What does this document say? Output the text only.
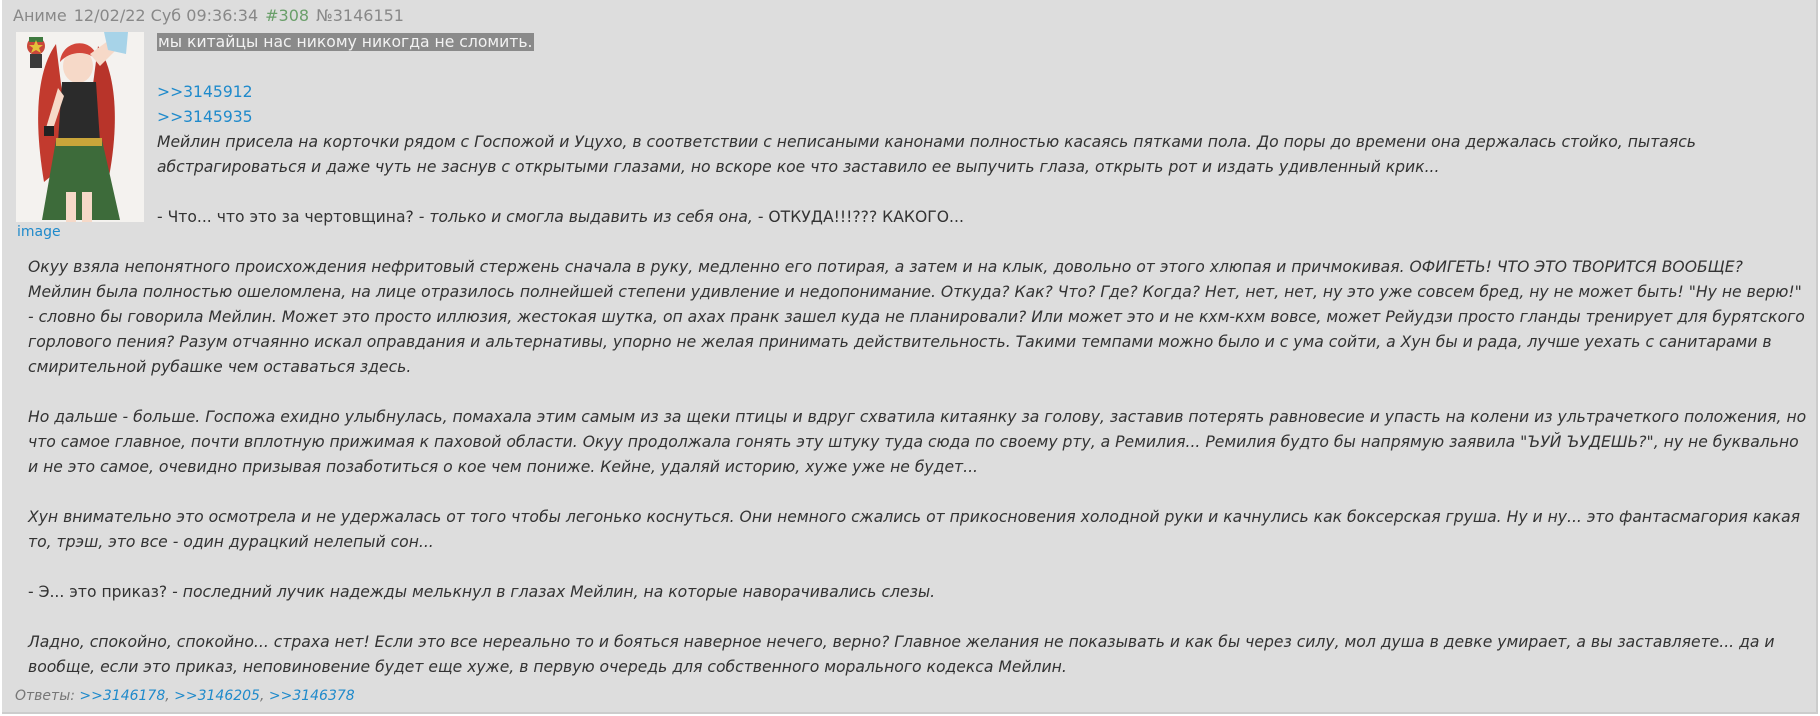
Аниме 12/02/22 Суб 09:36:34 #308 №3146151
image

мы китайцы нас никому никогда не сломить.

>>3145912

>>3145935

Мейлин присела на корточки рядом с Госпожой и Уцухо, в соответствии с неписаными канонами полностью касаясь пятками пола. До поры до времени она держалась стойко, пытаясь абстрагироваться и даже чуть не заснув с открытыми глазами, но вскоре кое что заставило ее выпучить глаза, открыть рот и издать удивленный крик...

- Что... что это за чертовщина? - только и смогла выдавить из себя она, - ОТКУДА!!!??? КАКОГО...

Окуу взяла непонятного происхождения нефритовый стержень сначала в руку, медленно его потирая, а затем и на клык, довольно от этого хлюпая и причмокивая. ОФИГЕТЬ! ЧТО ЭТО ТВОРИТСЯ ВООБЩЕ? Мейлин была полностью ошеломлена, на лице отразилось полнейшей степени удивление и недопонимание. Откуда? Как? Что? Где? Когда? Нет, нет, нет, ну это уже совсем бред, ну не может быть! "Ну не верю!" - словно бы говорила Мейлин. Может это просто иллюзия, жестокая шутка, оп ахах пранк зашел куда не планировали? Или может это и не кхм-кхм вовсе, может Рейудзи просто гланды тренирует для бурятского горлового пения? Разум отчаянно искал оправдания и альтернативы, упорно не желая принимать действительность. Такими темпами можно было и с ума сойти, а Хун бы и рада, лучше уехать с санитарами в смирительной рубашке чем оставаться здесь.

Но дальше - больше. Госпожа ехидно улыбнулась, помахала этим самым из за щеки птицы и вдруг схватила китаянку за голову, заставив потерять равновесие и упасть на колени из ультрачеткого положения, но что самое главное, почти вплотную прижимая к паховой области. Окуу продолжала гонять эту штуку туда сюда по своему рту, а Ремилия... Ремилия будто бы напрямую заявила "ЪУЙ ЪУДЕШЬ?", ну не буквально и не это самое, очевидно призывая позаботиться о кое чем пониже. Кейне, удаляй историю, хуже уже не будет...

Хун внимательно это осмотрела и не удержалась от того чтобы легонько коснуться. Они немного сжались от прикосновения холодной руки и качнулись как боксерская груша. Ну и ну... это фантасмагория какая то, трэш, это все - один дурацкий нелепый сон...

- Э... это приказ? - последний лучик надежды мелькнул в глазах Мейлин, на которые наворачивались слезы.

Ладно, спокойно, спокойно... страха нет! Если это все нереально то и бояться наверное нечего, верно? Главное желания не показывать и как бы через силу, мол душа в девке умирает, а вы заставляете... да и вообще, если это приказ, неповиновение будет еще хуже, в первую очередь для собственного морального кодекса Мейлин.

Ответы: >>3146178, >>3146205, >>3146378
